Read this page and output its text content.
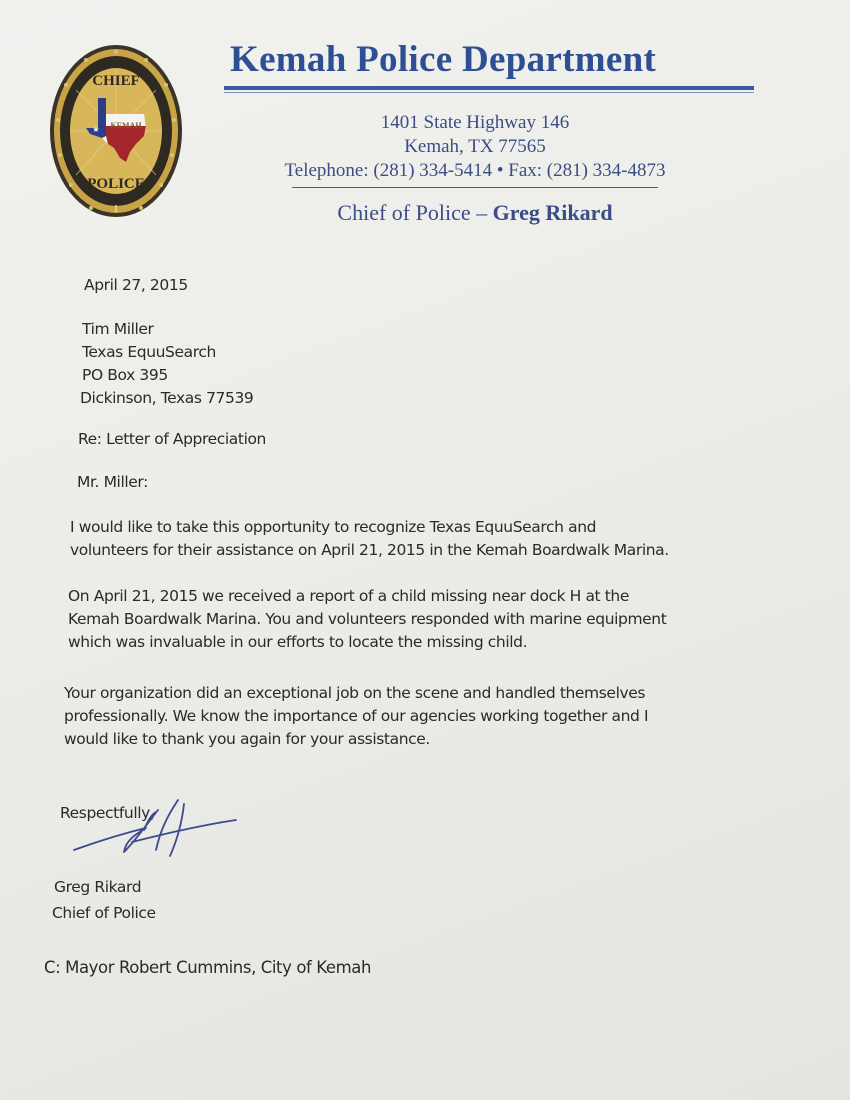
CHIEF
★ KEMAH
POLICE
1
Kemah Police Department
1401 State Highway 146
Kemah, TX 77565
Telephone: (281) 334-5414 • Fax: (281) 334-4873
Chief of Police – Greg Rikard
April 27, 2015
Tim Miller
Texas EquuSearch
PO Box 395
Dickinson, Texas 77539
Re: Letter of Appreciation
Mr. Miller:
I would like to take this opportunity to recognize Texas EquuSearch and
volunteers for their assistance on April 21, 2015 in the Kemah Boardwalk Marina.
On April 21, 2015 we received a report of a child missing near dock H at the
Kemah Boardwalk Marina. You and volunteers responded with marine equipment
which was invaluable in our efforts to locate the missing child.
Your organization did an exceptional job on the scene and handled themselves
professionally. We know the importance of our agencies working together and I
would like to thank you again for your assistance.
Respectfully,
Greg Rikard
Chief of Police
C: Mayor Robert Cummins, City of Kemah
